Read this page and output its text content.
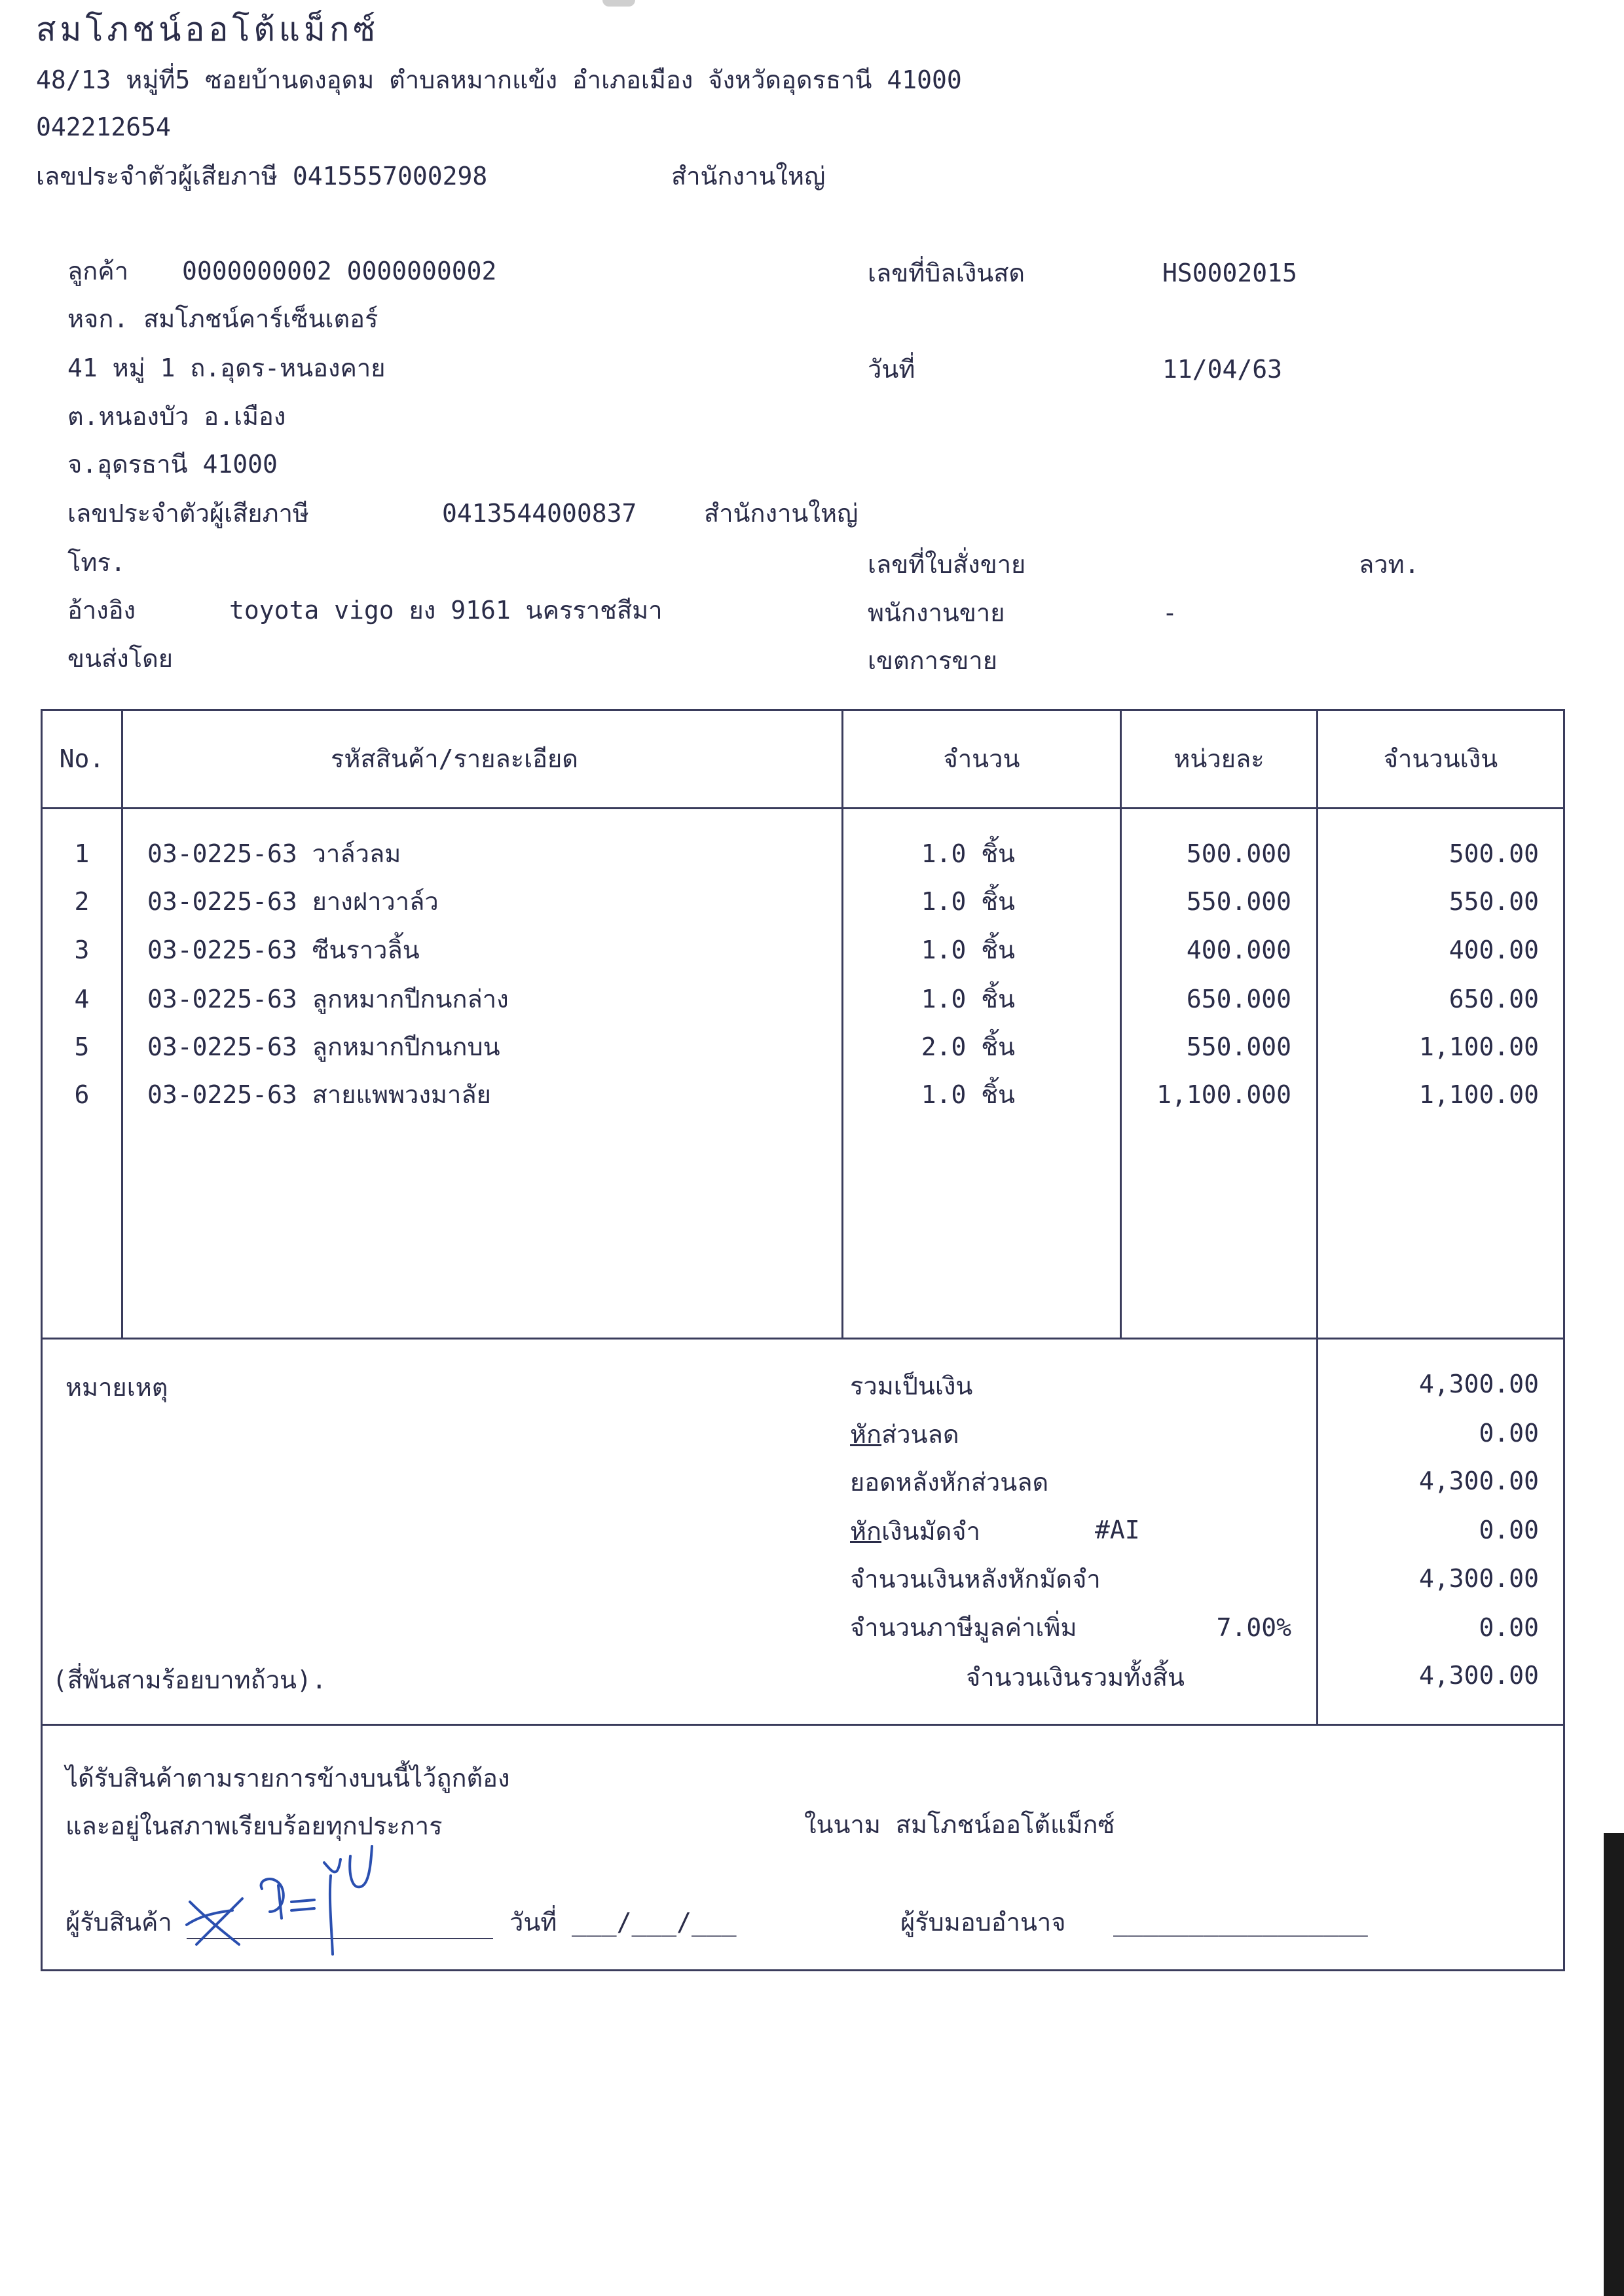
สมโภชน์ออโต้แม็กซ์
48/13 หมู่ที่5 ซอยบ้านดงอุดม ตำบลหมากแข้ง อำเภอเมือง จังหวัดอุดรธานี 41000
042212654
เลขประจำตัวผู้เสียภาษี 0415557000298	สำนักงานใหญ่
ลูกค้า 0000000002 0000000002
หจก. สมโภชน์คาร์เซ็นเตอร์
41 หมู่ 1 ถ.อุดร-หนองคาย
ต.หนองบัว อ.เมือง
จ.อุดรธานี 41000
เลขประจำตัวผู้เสียภาษี	0413544000837	สำนักงานใหญ่
โทร.
อ้างอิง	toyota vigo ยง 9161 นครราชสีมา
ขนส่งโดย
เลขที่บิลเงินสด	HS0002015
วันที่	11/04/63
เลขที่ใบสั่งขาย	ลวท.
พนักงานขาย	-
เขตการขาย
No.	รหัสสินค้า/รายละเอียด	จำนวน	หน่วยละ	จำนวนเงิน
1	03-0225-63 วาล์วลม	1.0 ชิ้น	500.000	500.00
2	03-0225-63 ยางฝาวาล์ว	1.0 ชิ้น	550.000	550.00
3	03-0225-63 ซีนราวลิ้น	1.0 ชิ้น	400.000	400.00
4	03-0225-63 ลูกหมากปีกนกล่าง	1.0 ชิ้น	650.000	650.00
5	03-0225-63 ลูกหมากปีกนกบน	2.0 ชิ้น	550.000	1,100.00
6	03-0225-63 สายแพพวงมาลัย	1.0 ชิ้น	1,100.000	1,100.00
หมายเหตุ	รวมเป็นเงิน	4,300.00
หักส่วนลด	0.00
ยอดหลังหักส่วนลด	4,300.00
หักเงินมัดจำ	#AI	0.00
จำนวนเงินหลังหักมัดจำ	4,300.00
จำนวนภาษีมูลค่าเพิ่ม	7.00%	0.00
(สี่พันสามร้อยบาทถ้วน).	จำนวนเงินรวมทั้งสิ้น	4,300.00
ได้รับสินค้าตามรายการข้างบนนี้ไว้ถูกต้อง
และอยู่ในสภาพเรียบร้อยทุกประการ	ในนาม สมโภชน์ออโต้แม็กซ์
ผู้รับสินค้า	วันที่ ___/___/___	ผู้รับมอบอำนาจ _________________
